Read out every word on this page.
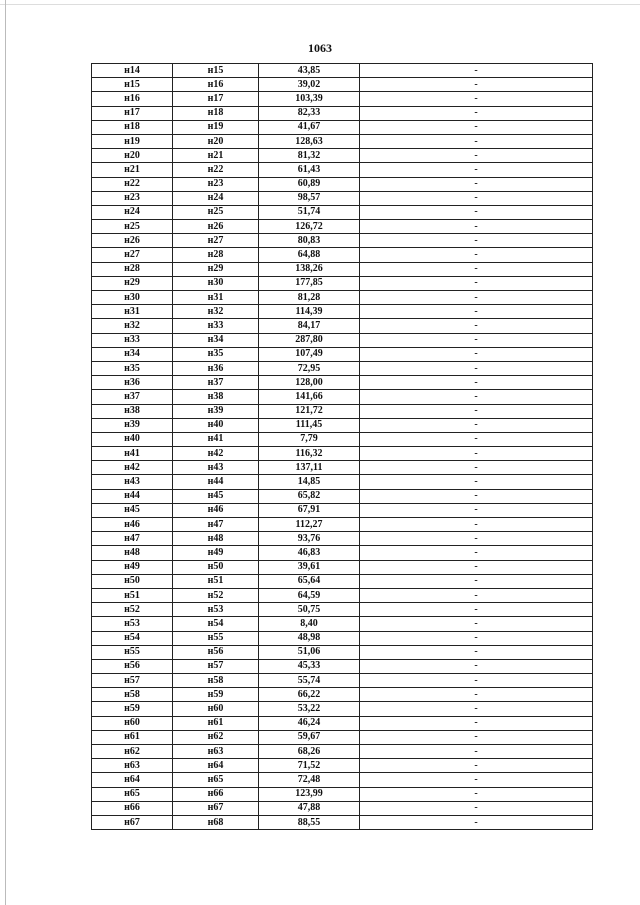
1063
н14	н15	43,85	-
н15	н16	39,02	-
н16	н17	103,39	-
н17	н18	82,33	-
н18	н19	41,67	-
н19	н20	128,63	-
н20	н21	81,32	-
н21	н22	61,43	-
н22	н23	60,89	-
н23	н24	98,57	-
н24	н25	51,74	-
н25	н26	126,72	-
н26	н27	80,83	-
н27	н28	64,88	-
н28	н29	138,26	-
н29	н30	177,85	-
н30	н31	81,28	-
н31	н32	114,39	-
н32	н33	84,17	-
н33	н34	287,80	-
н34	н35	107,49	-
н35	н36	72,95	-
н36	н37	128,00	-
н37	н38	141,66	-
н38	н39	121,72	-
н39	н40	111,45	-
н40	н41	7,79	-
н41	н42	116,32	-
н42	н43	137,11	-
н43	н44	14,85	-
н44	н45	65,82	-
н45	н46	67,91	-
н46	н47	112,27	-
н47	н48	93,76	-
н48	н49	46,83	-
н49	н50	39,61	-
н50	н51	65,64	-
н51	н52	64,59	-
н52	н53	50,75	-
н53	н54	8,40	-
н54	н55	48,98	-
н55	н56	51,06	-
н56	н57	45,33	-
н57	н58	55,74	-
н58	н59	66,22	-
н59	н60	53,22	-
н60	н61	46,24	-
н61	н62	59,67	-
н62	н63	68,26	-
н63	н64	71,52	-
н64	н65	72,48	-
н65	н66	123,99	-
н66	н67	47,88	-
н67	н68	88,55	-
